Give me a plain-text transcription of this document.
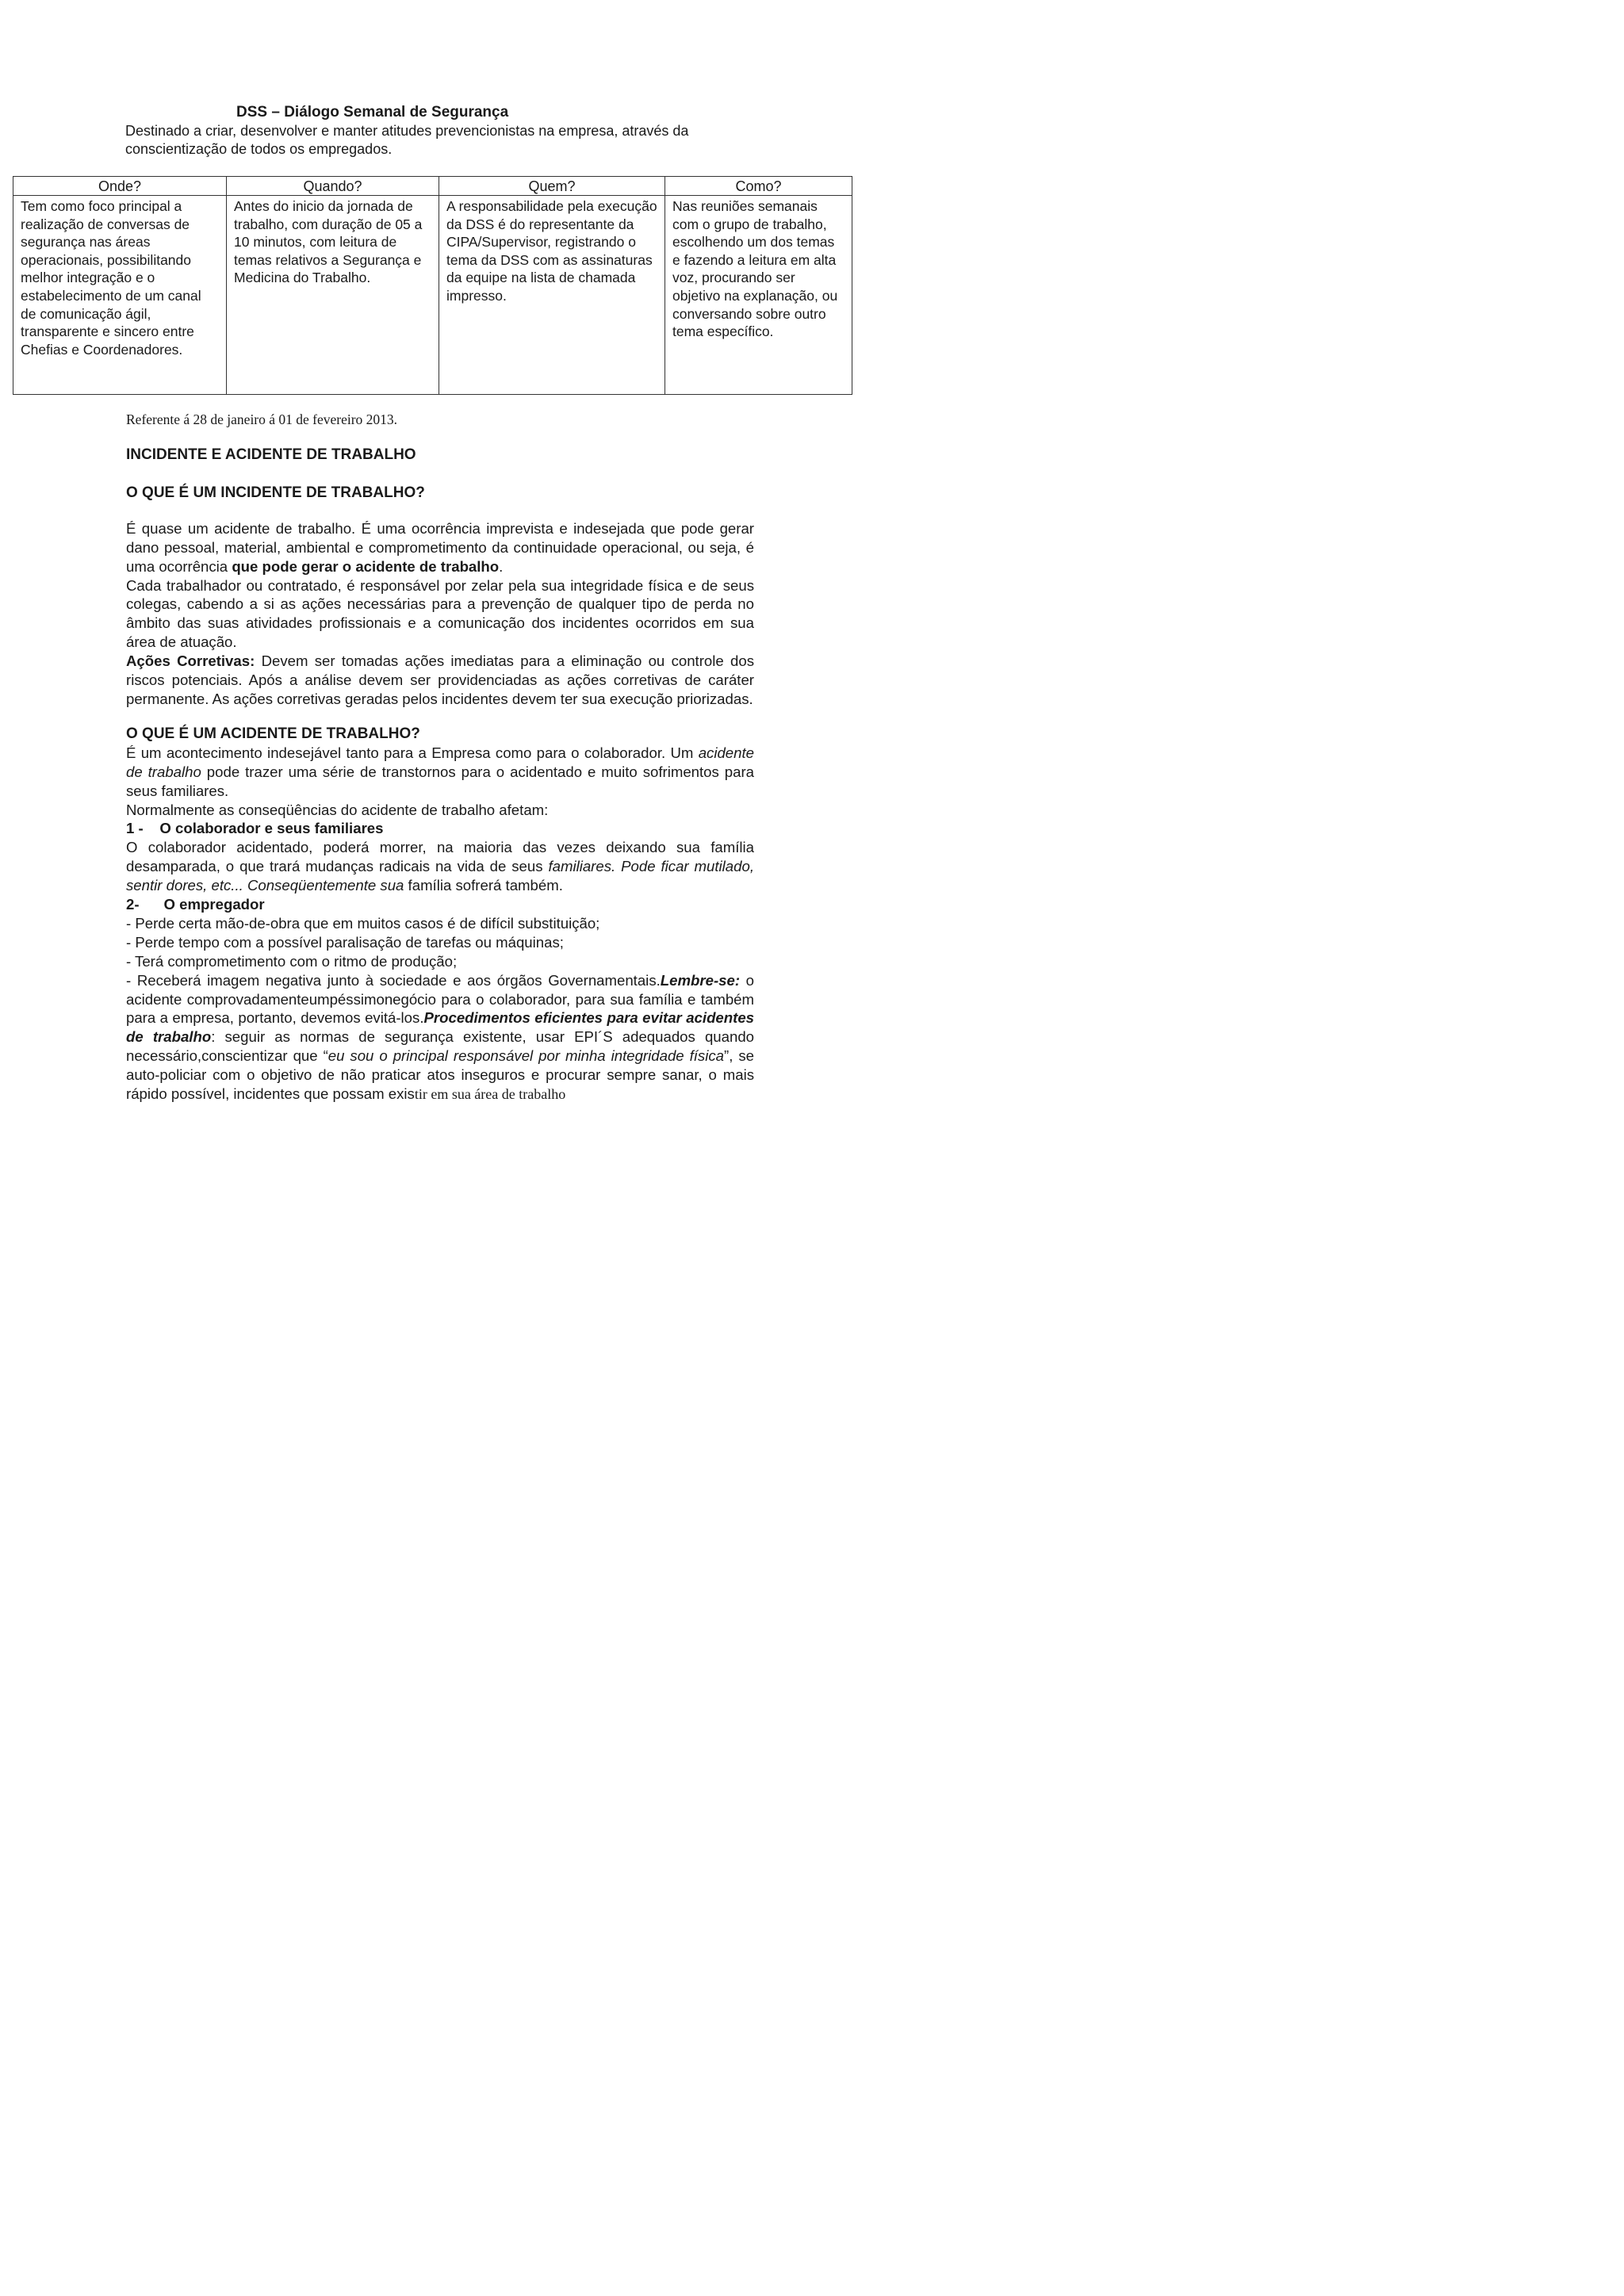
DSS – Diálogo Semanal de Segurança
Destinado a criar, desenvolver e manter atitudes prevencionistas na empresa, através da conscientização de todos os empregados.
Onde?	Quando?	Quem?	Como?
Tem como foco principal a realização de conversas de segurança nas áreas operacionais, possibilitando melhor integração e o estabelecimento de um canal de comunicação ágil, transparente e sincero entre Chefias e Coordenadores.	Antes do inicio da jornada de trabalho, com duração de 05 a 10 minutos, com leitura de temas relativos a Segurança e Medicina do Trabalho.	A responsabilidade pela execução da DSS é do representante da CIPA/Supervisor, registrando o tema da DSS com as assinaturas da equipe na lista de chamada impresso.	Nas reuniões semanais com o grupo de trabalho, escolhendo um dos temas e fazendo a leitura em alta voz, procurando ser objetivo na explanação, ou conversando sobre outro tema específico.
Referente á 28 de janeiro á 01 de fevereiro 2013.
INCIDENTE E ACIDENTE DE TRABALHO
O QUE É UM INCIDENTE DE TRABALHO?

É quase um acidente de trabalho. É uma ocorrência imprevista e indesejada que pode gerar dano pessoal, material, ambiental e comprometimento da continuidade operacional, ou seja, é uma ocorrência que pode gerar o acidente de trabalho.

Cada trabalhador ou contratado, é responsável por zelar pela sua integridade física e de seus colegas, cabendo a si as ações necessárias para a prevenção de qualquer tipo de perda no âmbito das suas atividades profissionais e a comunicação dos incidentes ocorridos em sua área de atuação.

Ações Corretivas: Devem ser tomadas ações imediatas para a eliminação ou controle dos riscos potenciais. Após a análise devem ser providenciadas as ações corretivas de caráter permanente. As ações corretivas geradas pelos incidentes devem ter sua execução priorizadas.

O QUE É UM ACIDENTE DE TRABALHO?

É um acontecimento indesejável tanto para a Empresa como para o colaborador. Um acidente de trabalho pode trazer uma série de transtornos para o acidentado e muito sofrimentos para seus familiares.

Normalmente as conseqüências do acidente de trabalho afetam:

1 -    O colaborador e seus familiares

O colaborador acidentado, poderá morrer, na maioria das vezes deixando sua família desamparada, o que trará mudanças radicais na vida de seus familiares. Pode ficar mutilado, sentir dores, etc... Conseqüentemente sua família sofrerá também.

2-      O empregador

- Perde certa mão-de-obra que em muitos casos é de difícil substituição;

- Perde tempo com a possível paralisação de tarefas ou máquinas;

- Terá comprometimento com o ritmo de produção;

- Receberá imagem negativa junto à sociedade e aos órgãos Governamentais.Lembre-se: o acidente comprovadamenteumpéssimonegócio para o colaborador, para sua família e também para a empresa, portanto, devemos evitá-los.Procedimentos eficientes para evitar acidentes de trabalho: seguir as normas de segurança existente, usar EPI´S adequados quando necessário,conscientizar que “eu sou o principal responsável por minha integridade física”, se auto-policiar com o objetivo de não praticar atos inseguros e procurar sempre sanar, o mais rápido possível, incidentes que possam existir em sua área de trabalho
